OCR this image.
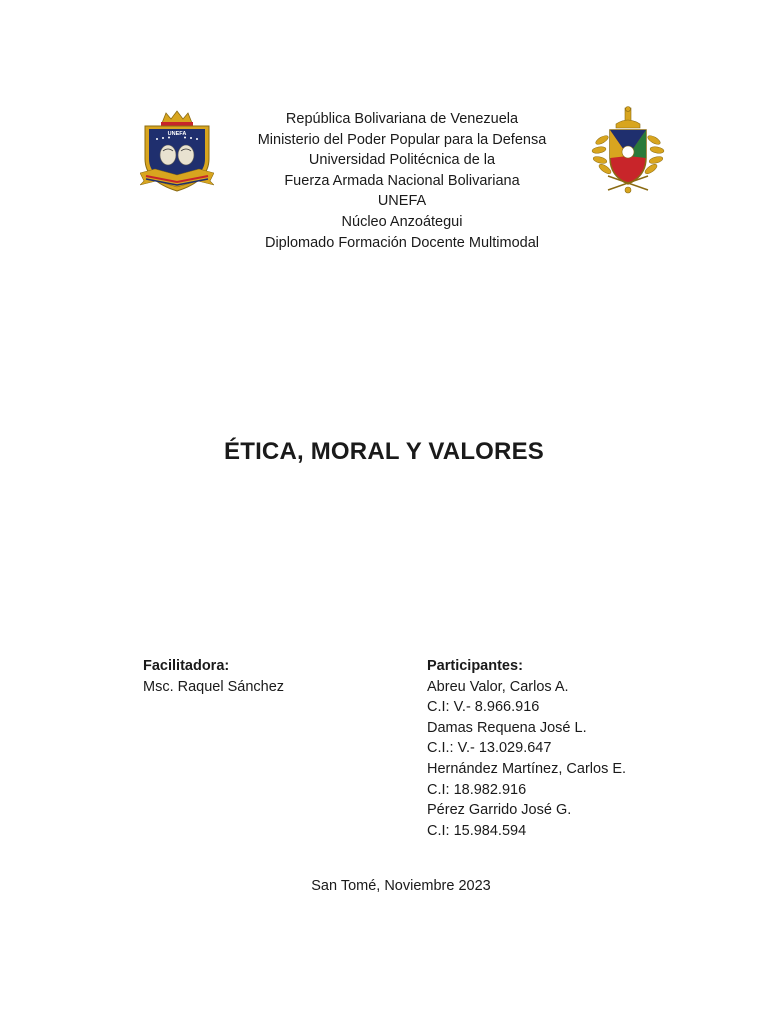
UNEFA
República Bolivariana de Venezuela
Ministerio del Poder Popular para la Defensa
Universidad Politécnica de la
Fuerza Armada Nacional Bolivariana
UNEFA
Núcleo Anzoátegui
Diplomado Formación Docente Multimodal
ÉTICA, MORAL Y VALORES
Facilitadora:
Msc. Raquel Sánchez
Participantes:
Abreu Valor, Carlos A.
C.I: V.- 8.966.916
Damas Requena José L.
C.I.: V.- 13.029.647
Hernández Martínez, Carlos E.
C.I: 18.982.916
Pérez Garrido José G.
C.I: 15.984.594
San Tomé, Noviembre 2023
